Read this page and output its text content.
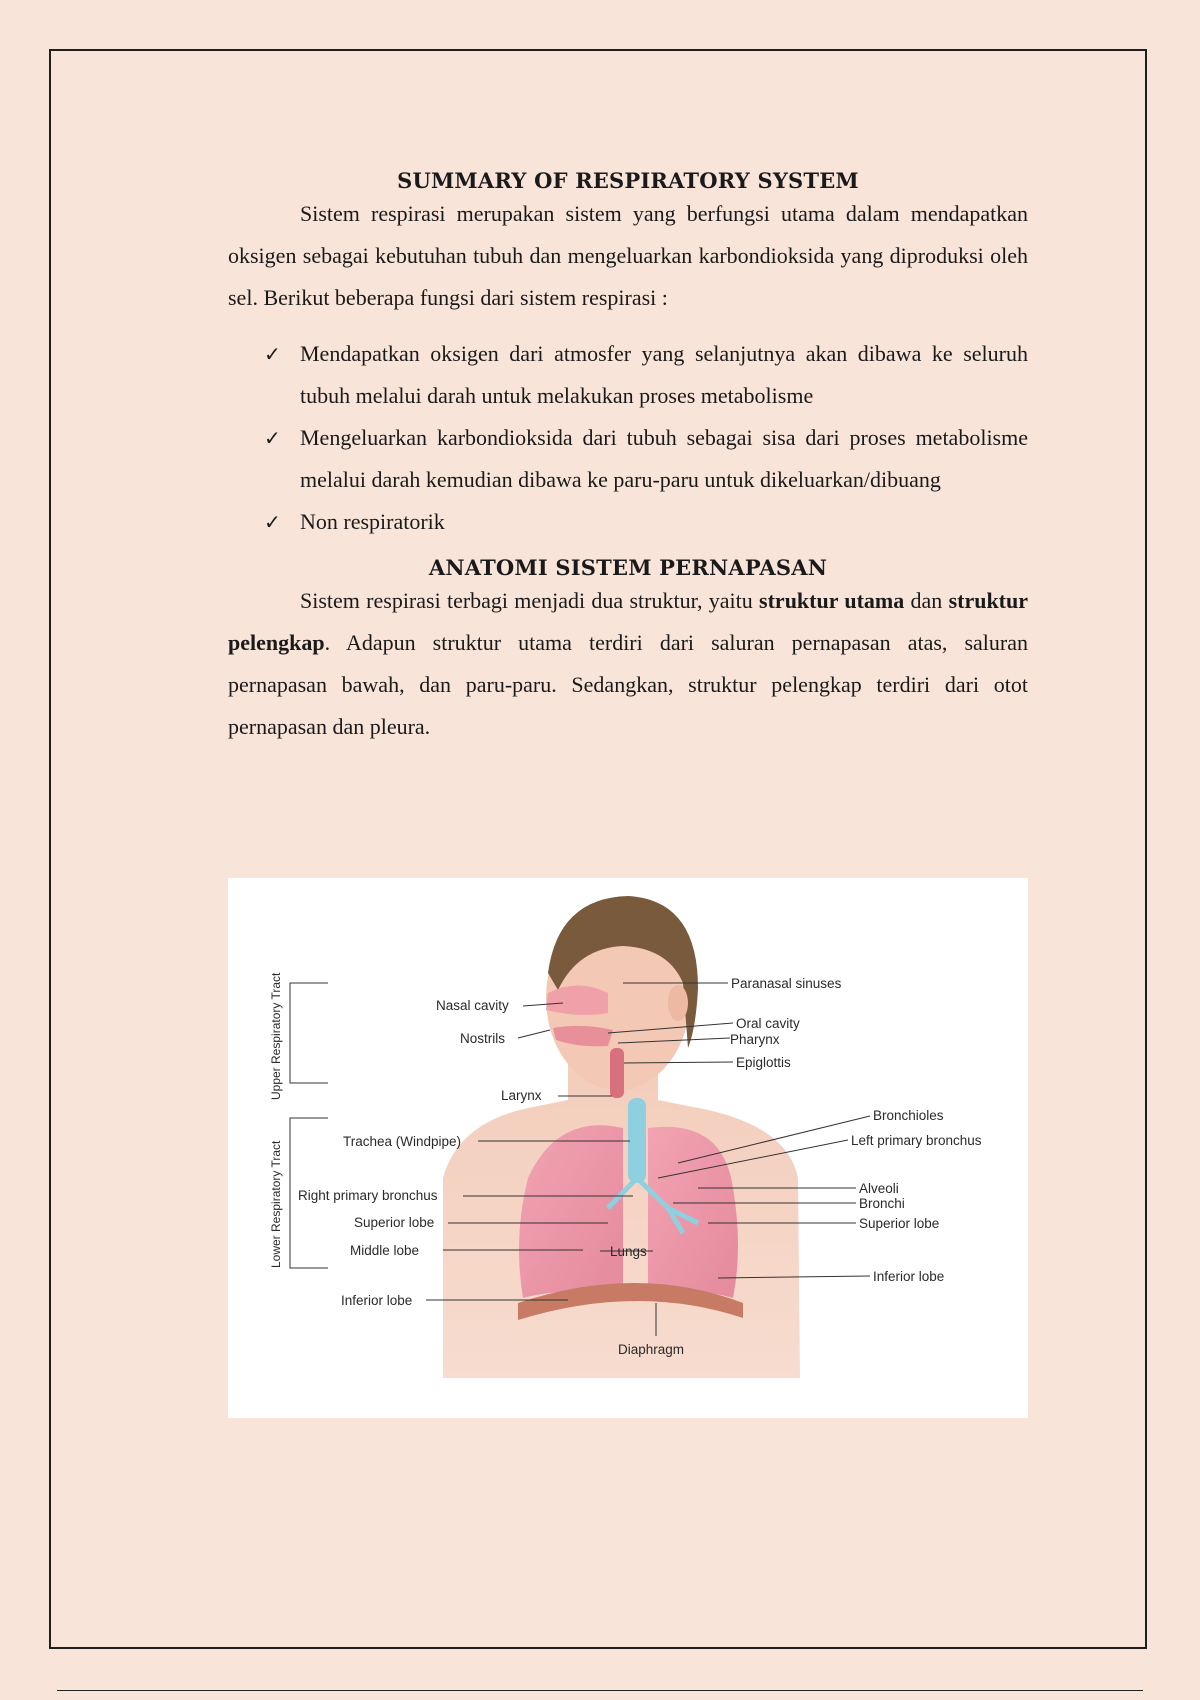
SUMMARY OF RESPIRATORY SYSTEM

Sistem respirasi merupakan sistem yang berfungsi utama dalam mendapatkan oksigen sebagai kebutuhan tubuh dan mengeluarkan karbondioksida yang diproduksi oleh sel. Berikut beberapa fungsi dari sistem respirasi :

✓ Mendapatkan oksigen dari atmosfer yang selanjutnya akan dibawa ke seluruh tubuh melalui darah untuk melakukan proses metabolisme
✓ Mengeluarkan karbondioksida dari tubuh sebagai sisa dari proses metabolisme melalui darah kemudian dibawa ke paru-paru untuk dikeluarkan/dibuang
✓ Non respiratorik
ANATOMI SISTEM PERNAPASAN

Sistem respirasi terbagi menjadi dua struktur, yaitu struktur utama dan struktur pelengkap. Adapun struktur utama terdiri dari saluran pernapasan atas, saluran pernapasan bawah, dan paru-paru. Sedangkan, struktur pelengkap terdiri dari otot pernapasan dan pleura.

Upper Respiratory Tract
Lower Respiratory Tract
Paranasal sinuses
Oral cavity
Pharynx
Epiglottis
Bronchioles
Left primary bronchus
Alveoli
Bronchi
Superior lobe
Inferior lobe
Nasal cavity
Nostrils
Larynx
Trachea (Windpipe)
Right primary bronchus
Superior lobe
Middle lobe
Inferior lobe
Lungs
Diaphragm
